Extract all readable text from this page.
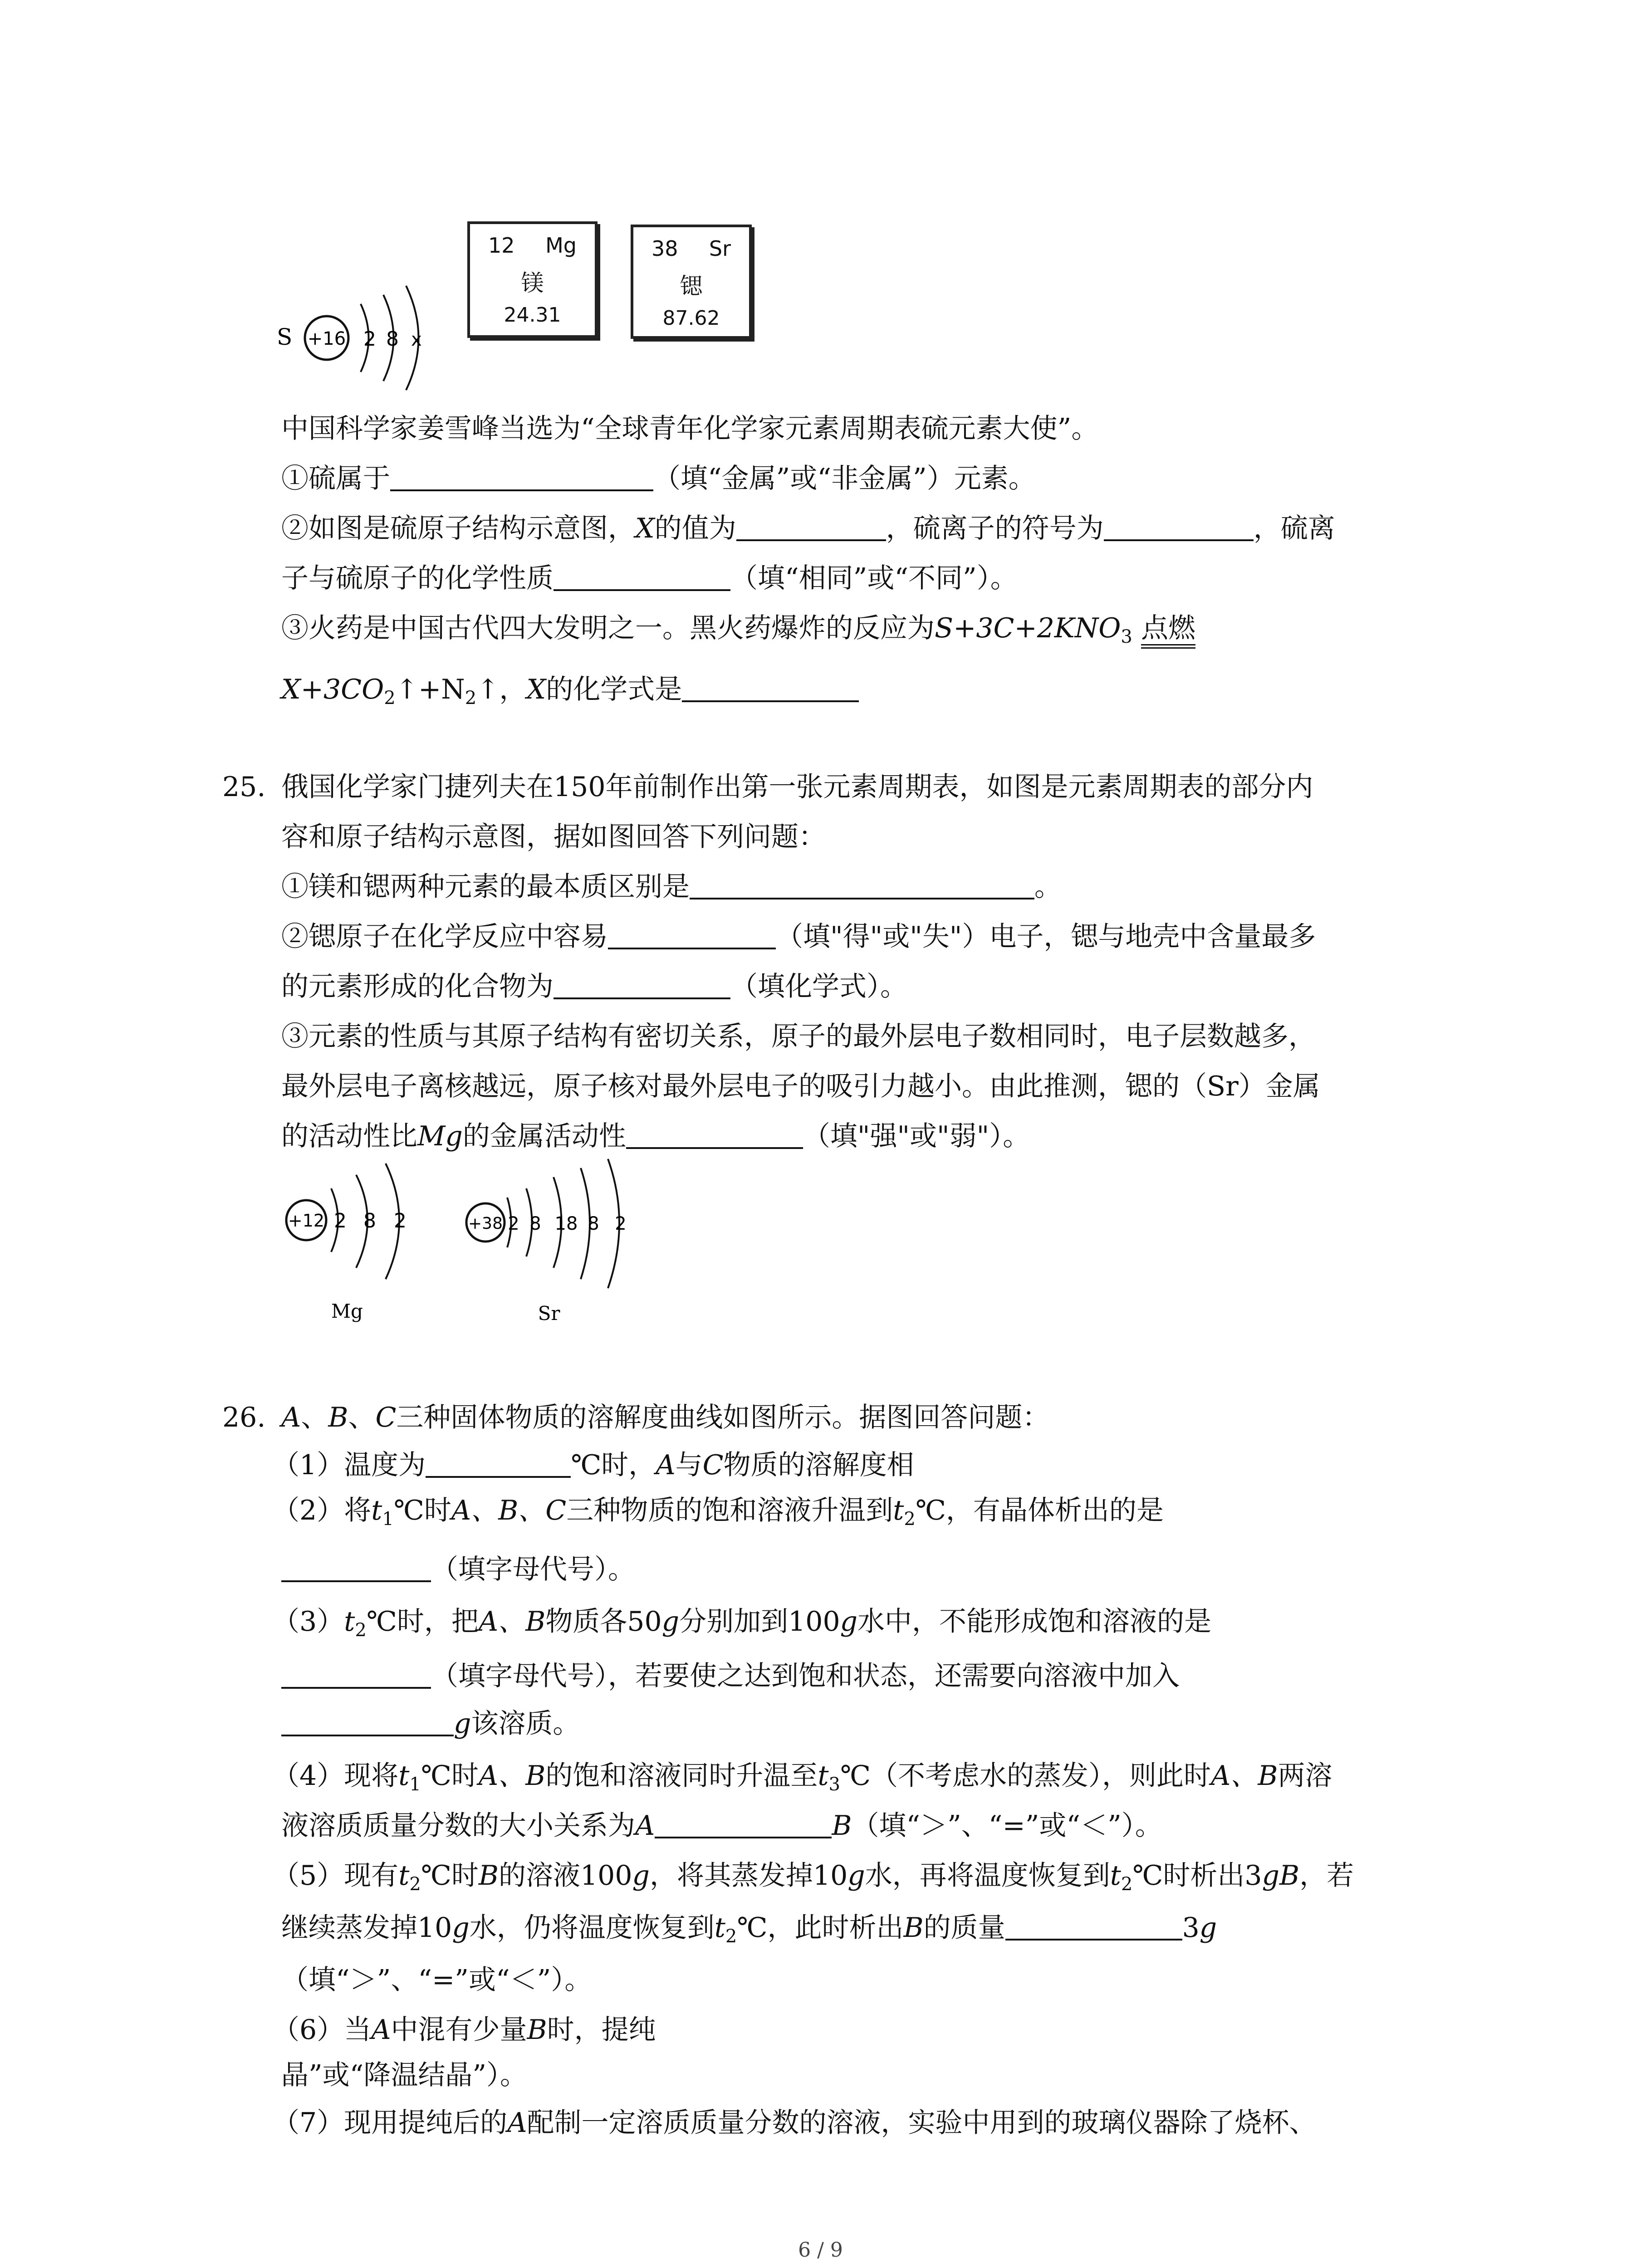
S +16 2 8 x
12 Mg
镁
24.31
38 Sr
锶
87.62
中国科学家姜雪峰当选为“全球青年化学家元素周期表硫元素大使”。
①硫属于	（填“金属”或“非金属”）元素。
②如图是硫原子结构示意图，X的值为	，硫离子的符号为	，硫离
子与硫原子的化学性质	（填“相同”或“不同”）。
③火药是中国古代四大发明之一。黑火药爆炸的反应为$S+3C+2KNO_3$ 点燃
$X+3CO_2↑+N_2↑$，X的化学式是
25. 俄国化学家门捷列夫在150年前制作出第一张元素周期表，如图是元素周期表的部分内
容和原子结构示意图，据如图回答下列问题：
①镁和锶两种元素的最本质区别是	。
②锶原子在化学反应中容易	（填"得"或"失"）电子，锶与地壳中含量最多
的元素形成的化合物为	（填化学式）。
③元素的性质与其原子结构有密切关系，原子的最外层电子数相同时，电子层数越多，
最外层电子离核越远，原子核对最外层电子的吸引力越小。由此推测，锶的（Sr）金属
的活动性比Mg的金属活动性	（填"强"或"弱"）。
+12 2 8 2
Mg
+38 2 8 18 8 2
Sr
26. A、B、C三种固体物质的溶解度曲线如图所示。据图回答问题：
（1）温度为	℃时，A与C物质的溶解度相
（2）将$t_1℃$时A、B、C三种物质的饱和溶液升温到$t_2℃$，有晶体析出的是
（填字母代号）。
$(3)t_2℃$时，把A、B物质各50g分别加到100g水中，不能形成饱和溶液的是
（填字母代号），若要使之达到饱和状态，还需要向溶液中加入
g该溶质。
（4）现将$t_1℃$时A、B的饱和溶液同时升温至$t_3℃$（不考虑水的蒸发），则此时A、B两溶
液溶质质量分数的大小关系为A	B（填“＞”、“=”或“＜”）。
（5）现有$t_2℃$时B的溶液100g，将其蒸发掉10g水，再将温度恢复到$t_2℃$时析出3gB，若
继续蒸发掉10g水，仍将温度恢复到$t_2℃$，此时析出B的质量	3g
（填“＞”、“=”或“＜”）。
（6）当A中混有少量B时，提纯
晶”或“降温结晶”）。
（7）现用提纯后的A配制一定溶质质量分数的溶液，实验中用到的玻璃仪器除了烧杯、
6 / 9
